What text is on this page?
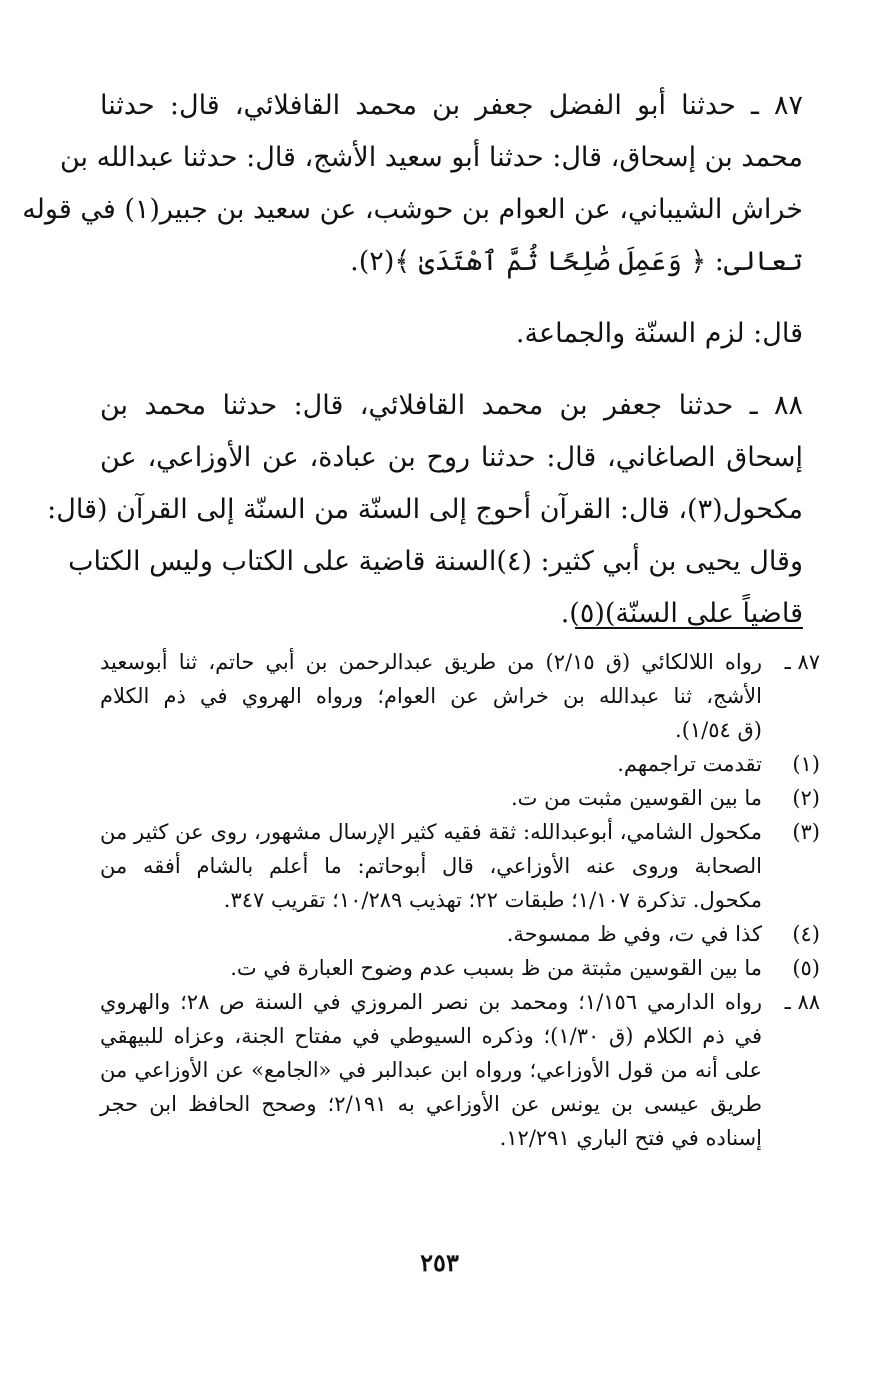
٨٧ ـ حدثنا أبو الفضل جعفر بن محمد القافلائي، قال: حدثنا
محمد بن إسحاق، قال: حدثنا أبو سعيد الأشج، قال: حدثنا عبدالله بن
خراش الشيباني، عن العوام بن حوشب، عن سعيد بن جبير(١) في قوله
تعالى: ﴿ وَعَمِلَ صَٰلِحًا ثُمَّ ٱهْتَدَىٰ ﴾(٢).
قال: لزم السنّة والجماعة.
٨٨ ـ حدثنا جعفر بن محمد القافلائي، قال: حدثنا محمد بن
إسحاق الصاغاني، قال: حدثنا روح بن عبادة، عن الأوزاعي، عن
مكحول(٣)، قال: القرآن أحوج إلى السنّة من السنّة إلى القرآن (قال:
وقال يحيى بن أبي كثير: (٤)السنة قاضية على الكتاب وليس الكتاب
قاضياً على السنّة)(٥).
٨٧ ـ
رواه اللالكائي (ق ٢/١٥) من طريق عبدالرحمن بن أبي حاتم، ثنا أبوسعيد
الأشج، ثنا عبدالله بن خراش عن العوام؛ ورواه الهروي في ذم الكلام
(ق ١/٥٤).
(١)
تقدمت تراجمهم.
(٢)
ما بين القوسين مثبت من ت.
(٣)
مكحول الشامي، أبوعبدالله: ثقة فقيه كثير الإرسال مشهور، روى عن كثير من
الصحابة وروى عنه الأوزاعي، قال أبوحاتم: ما أعلم بالشام أفقه من
مكحول. تذكرة ١/١٠٧؛ طبقات ٢٢؛ تهذيب ١٠/٢٨٩؛ تقريب ٣٤٧.
(٤)
كذا في ت، وفي ظ ممسوحة.
(٥)
ما بين القوسين مثبتة من ظ بسبب عدم وضوح العبارة في ت.
٨٨ ـ
رواه الدارمي ١/١٥٦؛ ومحمد بن نصر المروزي في السنة ص ٢٨؛ والهروي
في ذم الكلام (ق ١/٣٠)؛ وذكره السيوطي في مفتاح الجنة، وعزاه للبيهقي
على أنه من قول الأوزاعي؛ ورواه ابن عبدالبر في «الجامع» عن الأوزاعي من
طريق عيسى بن يونس عن الأوزاعي به ٢/١٩١؛ وصحح الحافظ ابن حجر
إسناده في فتح الباري ١٢/٢٩١.
٢٥٣
